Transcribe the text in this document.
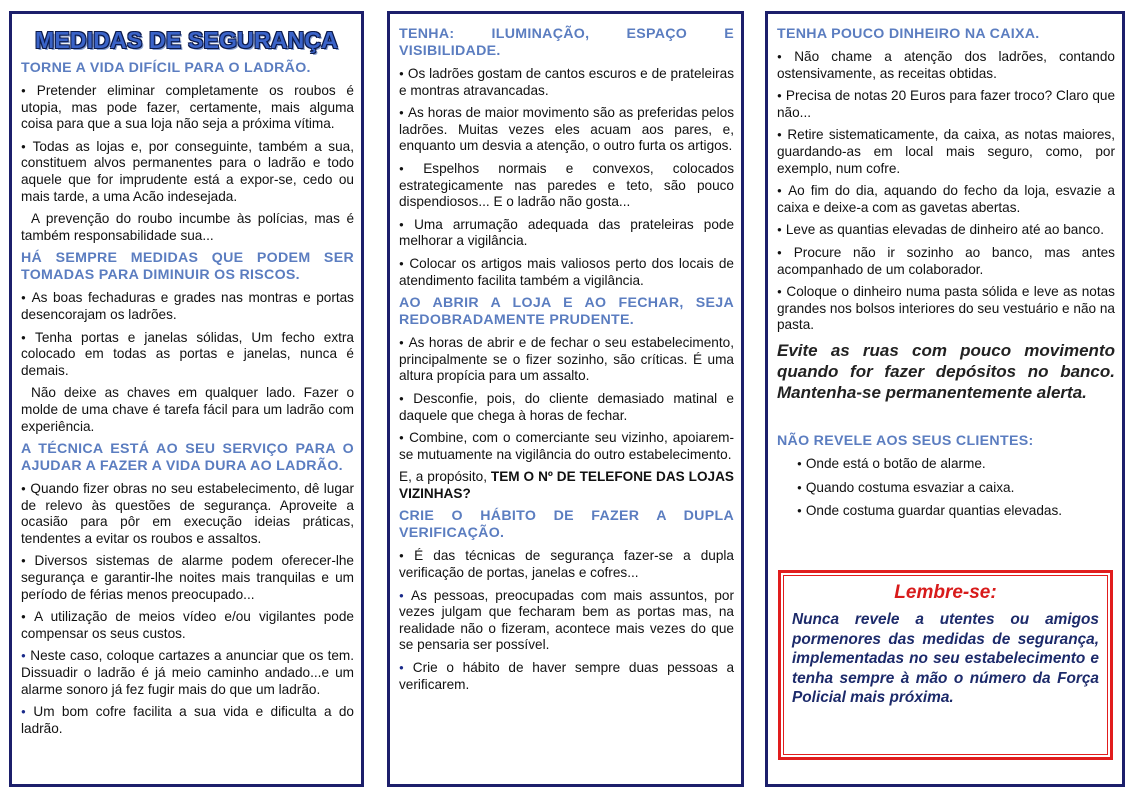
MEDIDAS DE SEGURANÇA
TORNE A VIDA DIFÍCIL PARA O LADRÃO.

● Pretender eliminar completamente os roubos é utopia, mas pode fazer, certamente, mais alguma coisa para que a sua loja não seja a próxima vítima.

● Todas as lojas e, por conseguinte, também a sua, constituem alvos permanentes para o ladrão e todo aquele que for imprudente está a expor-se, cedo ou mais tarde, a uma Acão indesejada.

A prevenção do roubo incumbe às polícias, mas é também responsabilidade sua...

HÁ SEMPRE MEDIDAS QUE PODEM SER TOMADAS PARA DIMINUIR OS RISCOS.

● As boas fechaduras e grades nas montras e portas desencorajam os ladrões.

● Tenha portas e janelas sólidas, Um fecho extra colocado em todas as portas e janelas, nunca é demais.

Não deixe as chaves em qualquer lado. Fazer o molde de uma chave é tarefa fácil para um ladrão com experiência.

A TÉCNICA ESTÁ AO SEU SERVIÇO PARA O AJUDAR A FAZER A VIDA DURA AO LADRÃO.

● Quando fizer obras no seu estabelecimento, dê lugar de relevo às questões de segurança. Aproveite a ocasião para pôr em execução ideias práticas, tendentes a evitar os roubos e assaltos.

● Diversos sistemas de alarme podem oferecer-lhe segurança e garantir-lhe noites mais tranquilas e um período de férias menos preocupado...

● A utilização de meios vídeo e/ou vigilantes pode compensar os seus custos.

● Neste caso, coloque cartazes a anunciar que os tem. Dissuadir o ladrão é já meio caminho andado...e um alarme sonoro já fez fugir mais do que um ladrão.

● Um bom cofre facilita a sua vida e dificulta a do ladrão.

TENHA: ILUMINAÇÃO, ESPAÇO E VISIBILIDADE.

● Os ladrões gostam de cantos escuros e de prateleiras e montras atravancadas.

● As horas de maior movimento são as preferidas pelos ladrões. Muitas vezes eles acuam aos pares, e, enquanto um desvia a atenção, o outro furta os artigos.

● Espelhos normais e convexos, colocados estrategicamente nas paredes e teto, são pouco dispendiosos... E o ladrão não gosta...

● Uma arrumação adequada das prateleiras pode melhorar a vigilância.

● Colocar os artigos mais valiosos perto dos locais de atendimento facilita também a vigilância.

AO ABRIR A LOJA E AO FECHAR, SEJA REDOBRADAMENTE PRUDENTE.

● As horas de abrir e de fechar o seu estabelecimento, principalmente se o fizer sozinho, são críticas. É uma altura propícia para um assalto.

● Desconfie, pois, do cliente demasiado matinal e daquele que chega à horas de fechar.

● Combine, com o comerciante seu vizinho, apoiarem-se mutuamente na vigilância do outro estabelecimento.

E, a propósito, TEM O Nº DE TELEFONE DAS LOJAS VIZINHAS?

CRIE O HÁBITO DE FAZER A DUPLA VERIFICAÇÃO.

● É das técnicas de segurança fazer-se a dupla verificação de portas, janelas e cofres...

● As pessoas, preocupadas com mais assuntos, por vezes julgam que fecharam bem as portas mas, na realidade não o fizeram, acontece mais vezes do que se pensaria ser possível.

● Crie o hábito de haver sempre duas pessoas a verificarem.

TENHA POUCO DINHEIRO NA CAIXA.

● Não chame a atenção dos ladrões, contando ostensivamente, as receitas obtidas.

● Precisa de notas 20 Euros para fazer troco? Claro que não...

● Retire sistematicamente, da caixa, as notas maiores, guardando-as em local mais seguro, como, por exemplo, num cofre.

● Ao fim do dia, aquando do fecho da loja, esvazie a caixa e deixe-a com as gavetas abertas.

● Leve as quantias elevadas de dinheiro até ao banco.

● Procure não ir sozinho ao banco, mas antes acompanhado de um colaborador.

● Coloque o dinheiro numa pasta sólida e leve as notas grandes nos bolsos interiores do seu vestuário e não na pasta.

Evite as ruas com pouco movimento quando for fazer depósitos no banco. Mantenha-se permanentemente alerta.

NÃO REVELE AOS SEUS CLIENTES:

● Onde está o botão de alarme.

● Quando costuma esvaziar a caixa.

● Onde costuma guardar quantias elevadas.

Lembre-se:

Nunca revele a utentes ou amigos pormenores das medidas de segurança, implementadas no seu estabelecimento e tenha sempre à mão o número da Força Policial mais próxima.
